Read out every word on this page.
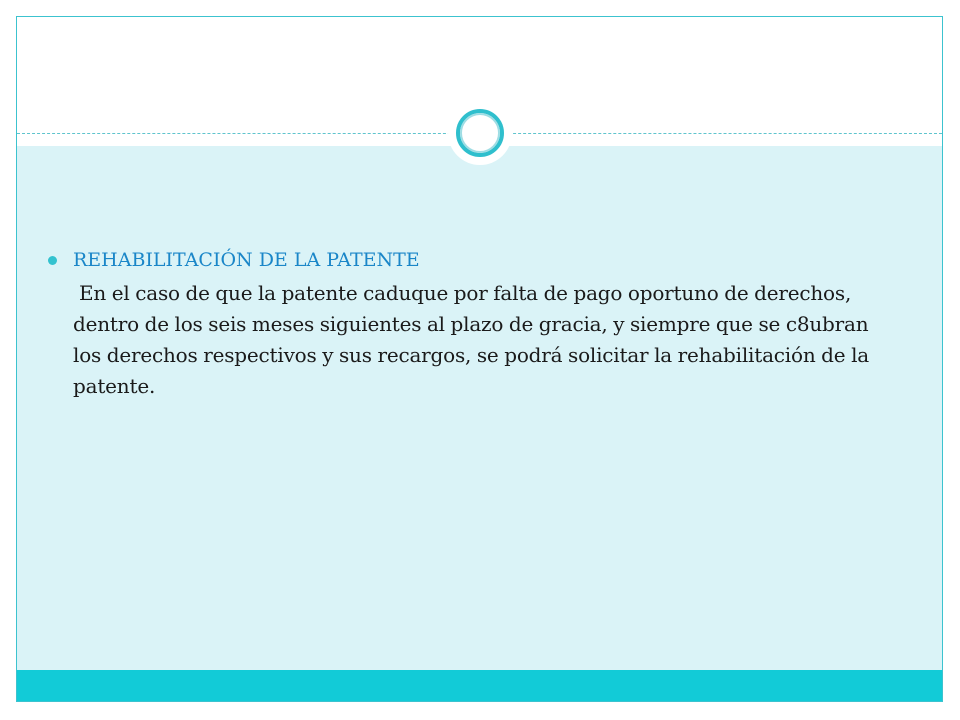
REHABILITACIÓN DE LA PATENTE
En el caso de que la patente caduque por falta de pago oportuno de derechos, dentro de los seis meses siguientes al plazo de gracia, y siempre que se c8ubran los derechos respectivos y sus recargos, se podrá solicitar la rehabilitación de la patente.
